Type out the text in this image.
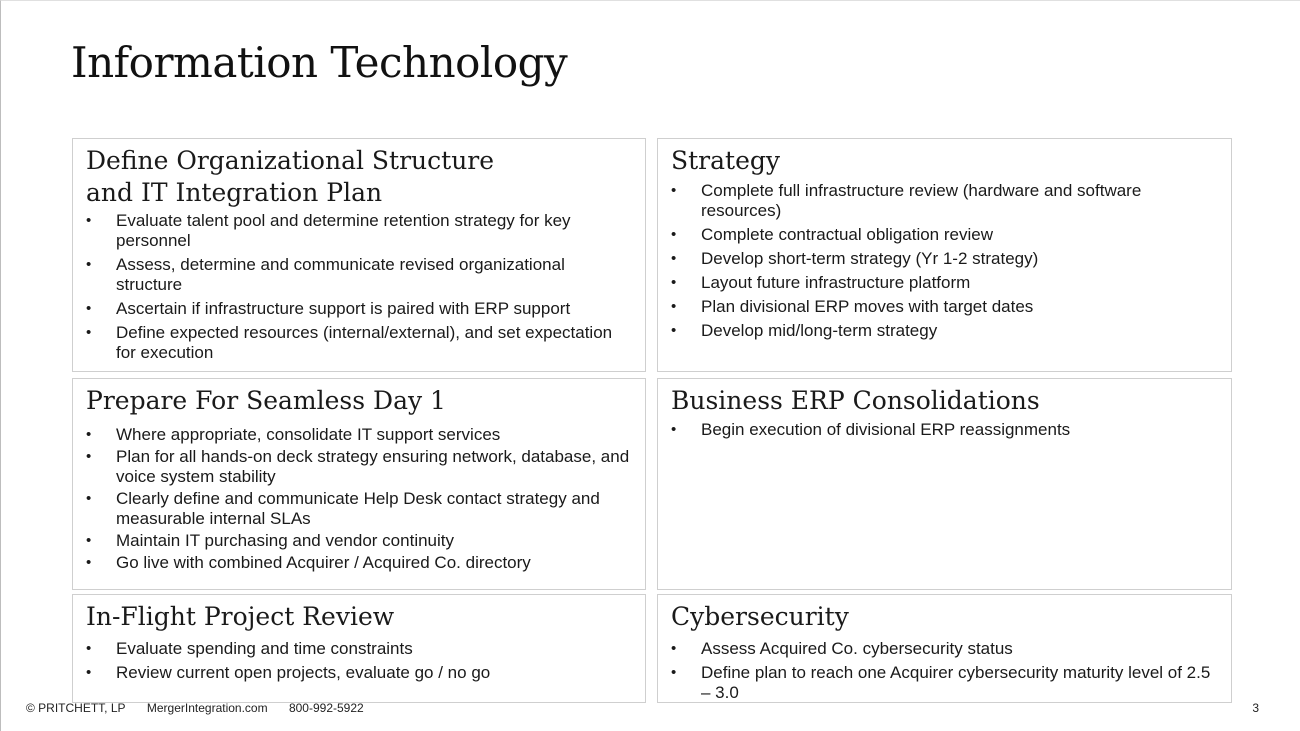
Information Technology
Define Organizational Structure
and IT Integration Plan
• Evaluate talent pool and determine retention strategy for key personnel
• Assess, determine and communicate revised organizational structure
• Ascertain if infrastructure support is paired with ERP support
• Define expected resources (internal/external), and set expectation for execution
Strategy
• Complete full infrastructure review (hardware and software resources)
• Complete contractual obligation review
• Develop short-term strategy (Yr 1-2 strategy)
• Layout future infrastructure platform
• Plan divisional ERP moves with target dates
• Develop mid/long-term strategy
Prepare For Seamless Day 1
• Where appropriate, consolidate IT support services
• Plan for all hands-on deck strategy ensuring network, database, and voice system stability
• Clearly define and communicate Help Desk contact strategy and measurable internal SLAs
• Maintain IT purchasing and vendor continuity
• Go live with combined Acquirer / Acquired Co. directory
Business ERP Consolidations
• Begin execution of divisional ERP reassignments
In-Flight Project Review
• Evaluate spending and time constraints
• Review current open projects, evaluate go / no go
Cybersecurity
• Assess Acquired Co. cybersecurity status
• Define plan to reach one Acquirer cybersecurity maturity level of 2.5 – 3.0
© PRITCHETT, LP MergerIntegration.com 800-992-5922	3
